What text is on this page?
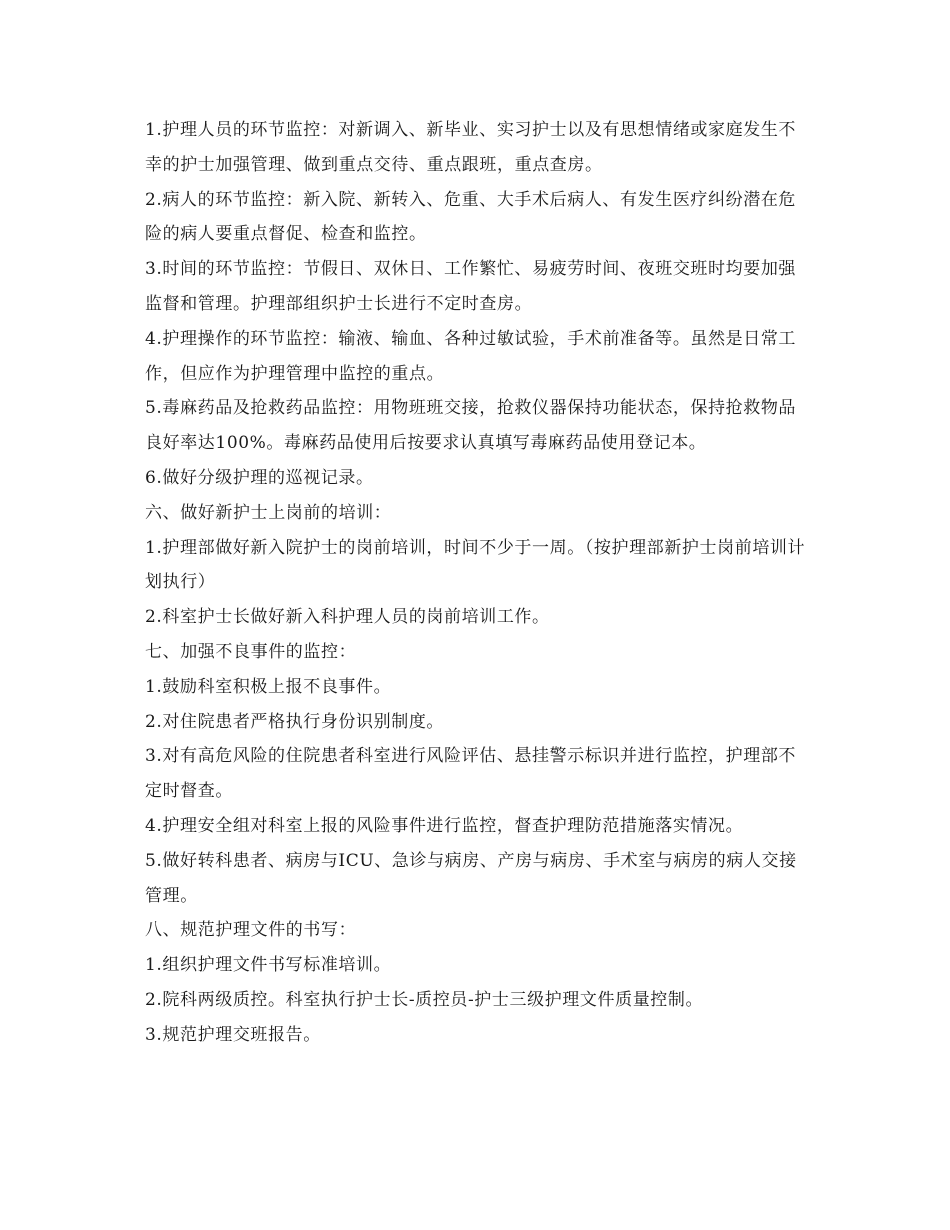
1.护理人员的环节监控：对新调入、新毕业、实习护士以及有思想情绪或家庭发生不幸的护士加强管理、做到重点交待、重点跟班，重点查房。

2.病人的环节监控：新入院、新转入、危重、大手术后病人、有发生医疗纠纷潜在危险的病人要重点督促、检查和监控。

3.时间的环节监控：节假日、双休日、工作繁忙、易疲劳时间、夜班交班时均要加强监督和管理。护理部组织护士长进行不定时查房。

4.护理操作的环节监控：输液、输血、各种过敏试验，手术前准备等。虽然是日常工作，但应作为护理管理中监控的重点。

5.毒麻药品及抢救药品监控：用物班班交接，抢救仪器保持功能状态，保持抢救物品良好率达100%。毒麻药品使用后按要求认真填写毒麻药品使用登记本。

6.做好分级护理的巡视记录。

六、做好新护士上岗前的培训：

1.护理部做好新入院护士的岗前培训，时间不少于一周。（按护理部新护士岗前培训计划执行）

2.科室护士长做好新入科护理人员的岗前培训工作。

七、加强不良事件的监控：

1.鼓励科室积极上报不良事件。

2.对住院患者严格执行身份识别制度。

3.对有高危风险的住院患者科室进行风险评估、悬挂警示标识并进行监控，护理部不定时督查。

4.护理安全组对科室上报的风险事件进行监控，督查护理防范措施落实情况。

5.做好转科患者、病房与ICU、急诊与病房、产房与病房、手术室与病房的病人交接管理。

八、规范护理文件的书写：

1.组织护理文件书写标准培训。

2.院科两级质控。科室执行护士长-质控员-护士三级护理文件质量控制。

3.规范护理交班报告。
